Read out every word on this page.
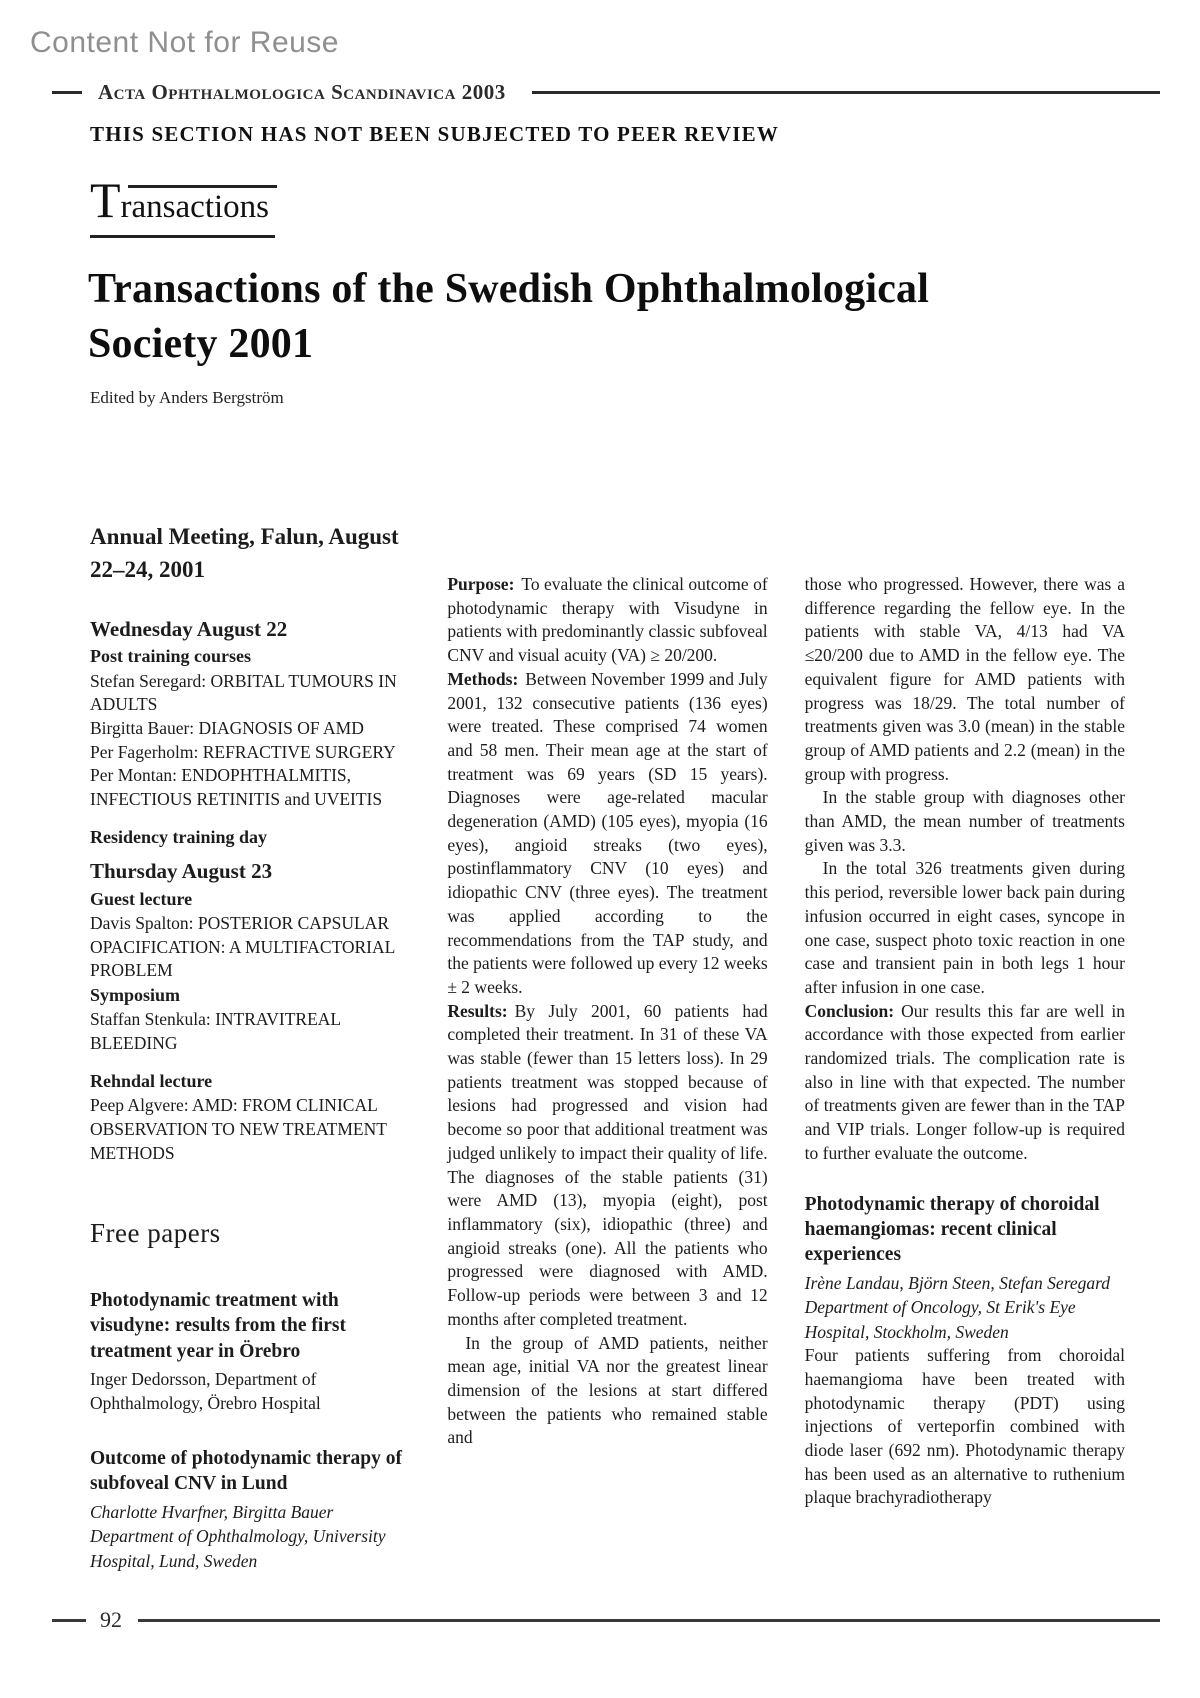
Content Not for Reuse
Acta Ophthalmologica Scandinavica 2003
THIS SECTION HAS NOT BEEN SUBJECTED TO PEER REVIEW
Transactions
Transactions of the Swedish Ophthalmological Society 2001
Edited by Anders Bergström
Annual Meeting, Falun, August 22–24, 2001
Wednesday August 22
Post training courses
Stefan Seregard: ORBITAL TUMOURS IN ADULTS
Birgitta Bauer: DIAGNOSIS OF AMD
Per Fagerholm: REFRACTIVE SURGERY
Per Montan: ENDOPHTHALMITIS, INFECTIOUS RETINITIS and UVEITIS
Residency training day
Thursday August 23
Guest lecture
Davis Spalton: POSTERIOR CAPSULAR OPACIFICATION: A MULTIFACTORIAL PROBLEM
Symposium
Staffan Stenkula: INTRAVITREAL BLEEDING
Rehndal lecture
Peep Algvere: AMD: FROM CLINICAL OBSERVATION TO NEW TREATMENT METHODS
Free papers
Photodynamic treatment with visudyne: results from the first treatment year in Örebro
Inger Dedorsson, Department of Ophthalmology, Örebro Hospital
Outcome of photodynamic therapy of subfoveal CNV in Lund
Charlotte Hvarfner, Birgitta Bauer Department of Ophthalmology, University Hospital, Lund, Sweden

Purpose: To evaluate the clinical outcome of photodynamic therapy with Visudyne in patients with predominantly classic subfoveal CNV and visual acuity (VA) ≥ 20/200.

Methods: Between November 1999 and July 2001, 132 consecutive patients (136 eyes) were treated. These comprised 74 women and 58 men. Their mean age at the start of treatment was 69 years (SD 15 years). Diagnoses were age-related macular degeneration (AMD) (105 eyes), myopia (16 eyes), angioid streaks (two eyes), postinflammatory CNV (10 eyes) and idiopathic CNV (three eyes). The treatment was applied according to the recommendations from the TAP study, and the patients were followed up every 12 weeks ± 2 weeks.

Results: By July 2001, 60 patients had completed their treatment. In 31 of these VA was stable (fewer than 15 letters loss). In 29 patients treatment was stopped because of lesions had progressed and vision had become so poor that additional treatment was judged unlikely to impact their quality of life. The diagnoses of the stable patients (31) were AMD (13), myopia (eight), post inflammatory (six), idiopathic (three) and angioid streaks (one). All the patients who progressed were diagnosed with AMD. Follow-up periods were between 3 and 12 months after completed treatment.

In the group of AMD patients, neither mean age, initial VA nor the greatest linear dimension of the lesions at start differed between the patients who remained stable and

those who progressed. However, there was a difference regarding the fellow eye. In the patients with stable VA, 4/13 had VA ≤20/200 due to AMD in the fellow eye. The equivalent figure for AMD patients with progress was 18/29. The total number of treatments given was 3.0 (mean) in the stable group of AMD patients and 2.2 (mean) in the group with progress.

In the stable group with diagnoses other than AMD, the mean number of treatments given was 3.3.

In the total 326 treatments given during this period, reversible lower back pain during infusion occurred in eight cases, syncope in one case, suspect photo toxic reaction in one case and transient pain in both legs 1 hour after infusion in one case.

Conclusion: Our results this far are well in accordance with those expected from earlier randomized trials. The complication rate is also in line with that expected. The number of treatments given are fewer than in the TAP and VIP trials. Longer follow-up is required to further evaluate the outcome.

Photodynamic therapy of choroidal haemangiomas: recent clinical experiences
Irène Landau, Björn Steen, Stefan Seregard
Department of Oncology, St Erik's Eye Hospital, Stockholm, Sweden

Four patients suffering from choroidal haemangioma have been treated with photodynamic therapy (PDT) using injections of verteporfin combined with diode laser (692 nm). Photodynamic therapy has been used as an alternative to ruthenium plaque brachyradiotherapy

92
